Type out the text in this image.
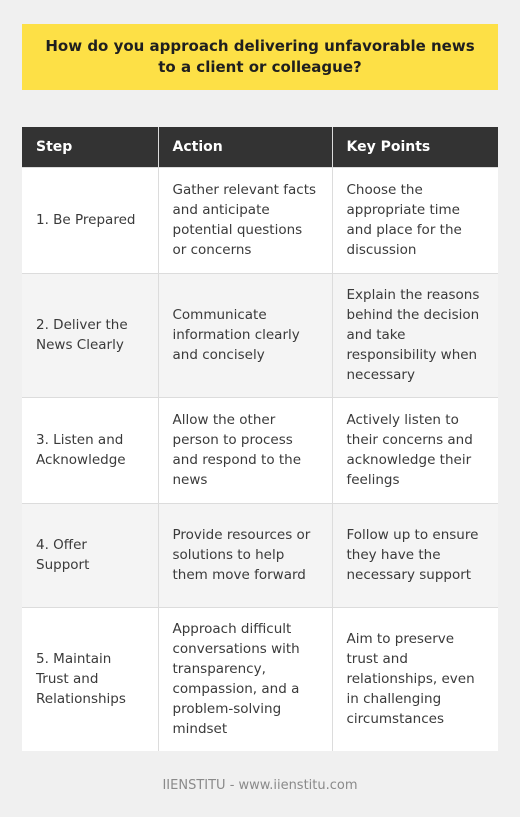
How do you approach delivering unfavorable news to a client or colleague?
Step	Action	Key Points
1. Be Prepared	Gather relevant facts and anticipate potential questions or concerns	Choose the appropriate time and place for the discussion
2. Deliver the News Clearly	Communicate information clearly and concisely	Explain the reasons behind the decision and take responsibility when necessary
3. Listen and Acknowledge	Allow the other person to process and respond to the news	Actively listen to their concerns and acknowledge their feelings
4. Offer Support	Provide resources or solutions to help them move forward	Follow up to ensure they have the necessary support
5. Maintain Trust and Relationships	Approach difficult conversations with transparency, compassion, and a problem-solving mindset	Aim to preserve trust and relationships, even in challenging circumstances
IIENSTITU - www.iienstitu.com
